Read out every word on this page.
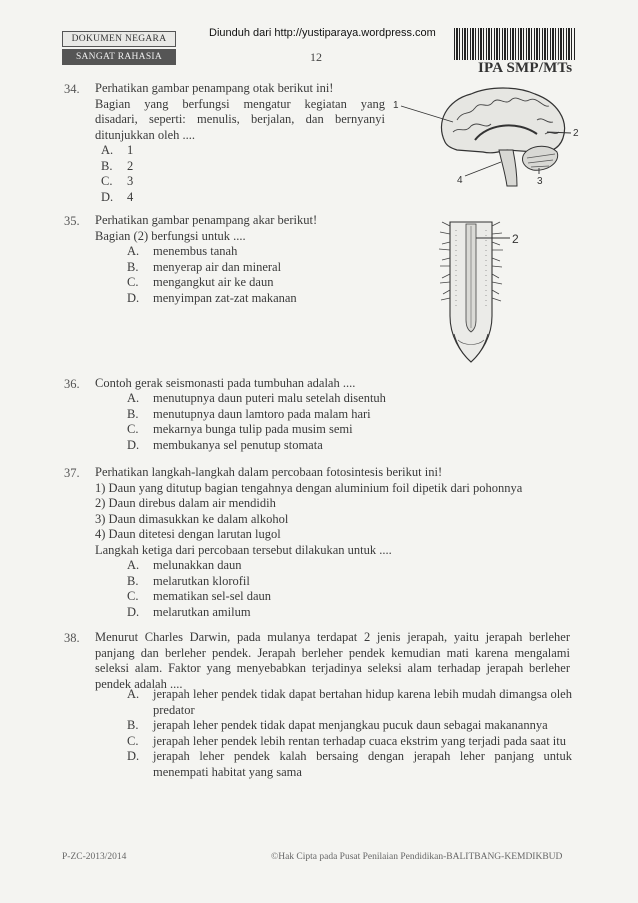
Diunduh dari http://yustiparaya.wordpress.com
DOKUMEN NEGARA
SANGAT RAHASIA	12
IPA SMP/MTs
34. Perhatikan gambar penampang otak berikut ini!
Bagian yang berfungsi mengatur kegiatan yang
disadari, seperti: menulis, berjalan, dan bernyanyi
ditunjukkan oleh ....
A. 1
B. 2
C. 3
D. 4
1
2
3
4
35. Perhatikan gambar penampang akar berikut!
Bagian (2) berfungsi untuk ....
A. menembus tanah
B. menyerap air dan mineral
C. mengangkut air ke daun
D. menyimpan zat-zat makanan
2
36. Contoh gerak seismonasti pada tumbuhan adalah ....
A. menutupnya daun puteri malu setelah disentuh
B. menutupnya daun lamtoro pada malam hari
C. mekarnya bunga tulip pada musim semi
D. membukanya sel penutup stomata
37. Perhatikan langkah-langkah dalam percobaan fotosintesis berikut ini!
1) Daun yang ditutup bagian tengahnya dengan aluminium foil dipetik dari pohonnya
2) Daun direbus dalam air mendidih
3) Daun dimasukkan ke dalam alkohol
4) Daun ditetesi dengan larutan lugol
Langkah ketiga dari percobaan tersebut dilakukan untuk ....
A. melunakkan daun
B. melarutkan klorofil
C. mematikan sel-sel daun
D. melarutkan amilum
38. Menurut Charles Darwin, pada mulanya terdapat 2 jenis jerapah, yaitu jerapah berleher panjang dan berleher pendek. Jerapah berleher pendek kemudian mati karena mengalami seleksi alam. Faktor yang menyebabkan terjadinya seleksi alam terhadap jerapah berleher pendek adalah ....
A.	jerapah leher pendek tidak dapat bertahan hidup karena lebih mudah dimangsa oleh predator
B.	jerapah leher pendek tidak dapat menjangkau pucuk daun sebagai makanannya
C.	jerapah leher pendek lebih rentan terhadap cuaca ekstrim yang terjadi pada saat itu
D.	jerapah leher pendek kalah bersaing dengan jerapah leher panjang untuk menempati habitat yang sama
P-ZC-2013/2014	©Hak Cipta pada Pusat Penilaian Pendidikan-BALITBANG-KEMDIKBUD
